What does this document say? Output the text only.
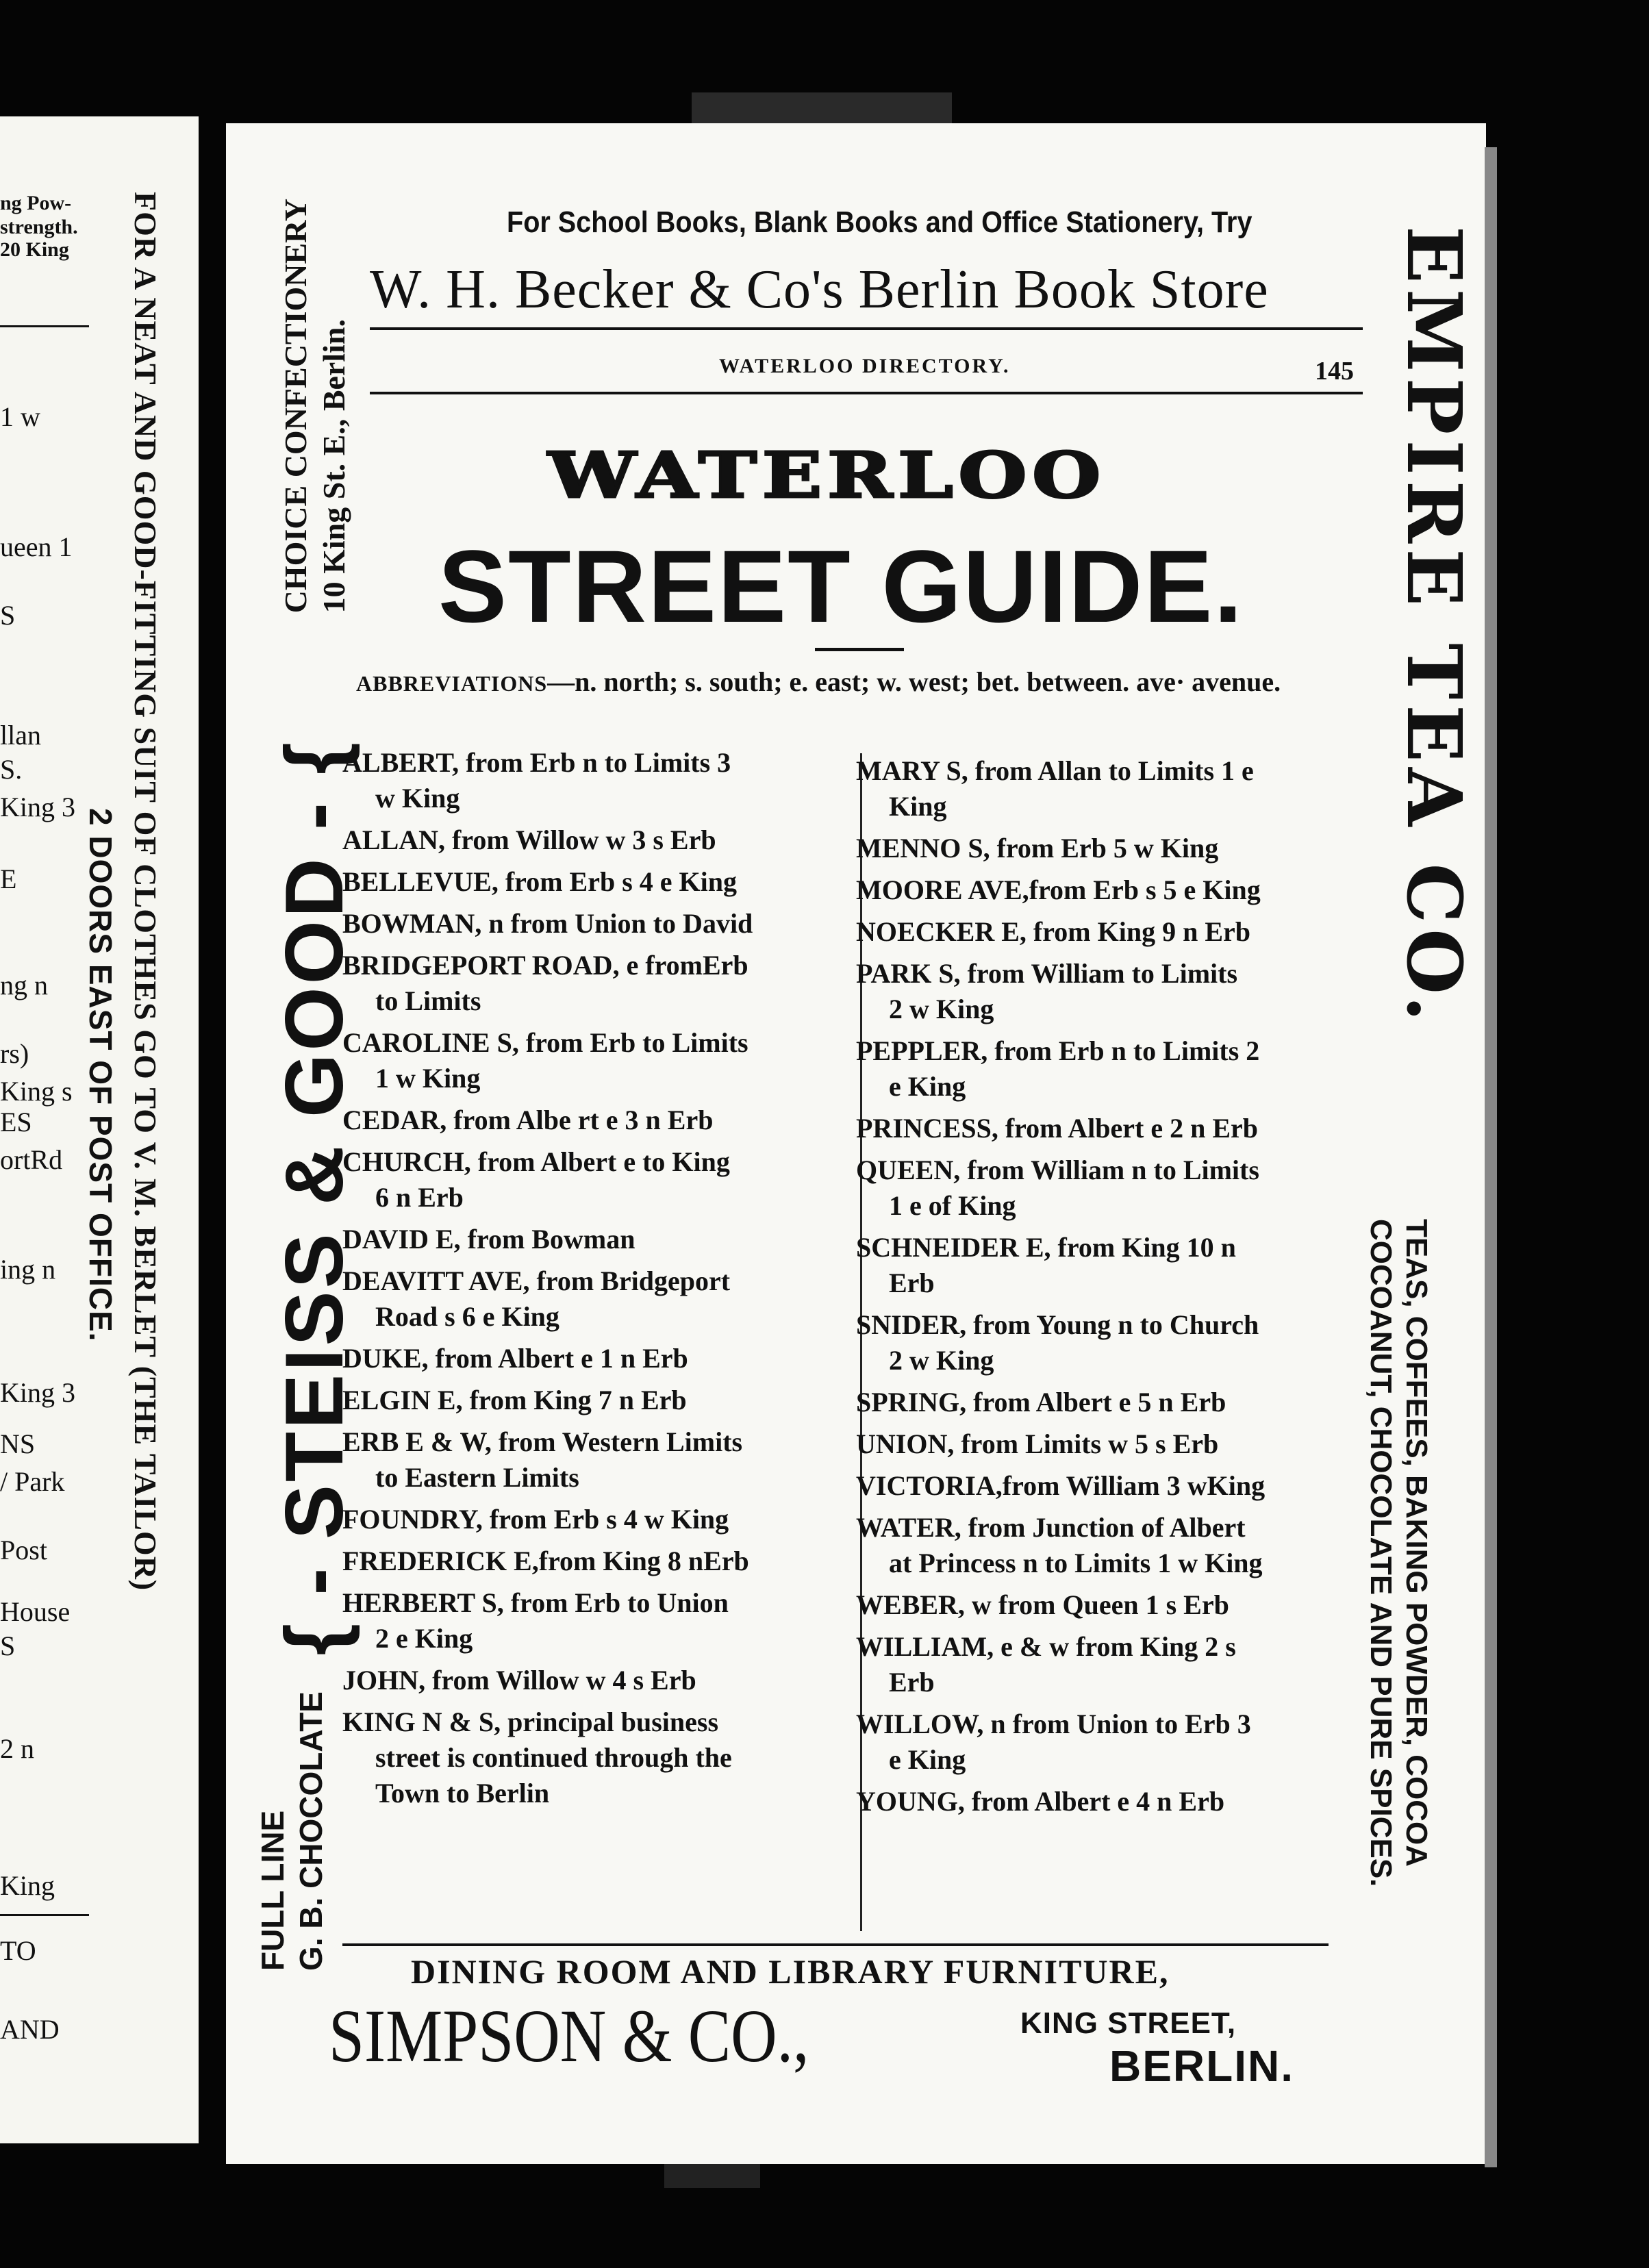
ng Pow-
strength.
20 King
1 w
ueen 1
S
llan
S.
King 3
E
ng n
rs)
King s
ES
ortRd
ing n
King 3
NS
/ Park
Post
House
S
2 n
King
TO
AND
FOR A NEAT AND GOOD-FITTING SUIT OF CLOTHES GO TO V. M. BERLET (THE TAILOR)
2 DOORS EAST OF POST OFFICE.
For School Books, Blank Books and Office Stationery, Try
W. H. Becker & Co's Berlin Book Store
WATERLOO DIRECTORY.	145
WATERLOO
STREET GUIDE.
ABBREVIATIONS—n. north; s. south; e. east; w. west; bet. between. ave· avenue.
ALBERT, from Erb n to Limits 3
w King
ALLAN, from Willow w 3 s Erb
BELLEVUE, from Erb s 4 e King
BOWMAN, n from Union to David
BRIDGEPORT ROAD, e fromErb
to Limits
CAROLINE S, from Erb to Limits
1 w King
CEDAR, from Albe rt e 3 n Erb
CHURCH, from Albert e to King
6 n Erb
DAVID E, from Bowman
DEAVITT AVE, from Bridgeport
Road s 6 e King
DUKE, from Albert e 1 n Erb
ELGIN E, from King 7 n Erb
ERB E & W, from Western Limits
to Eastern Limits
FOUNDRY, from Erb s 4 w King
FREDERICK E,from King 8 nErb
HERBERT S, from Erb to Union
2 e King
JOHN, from Willow w 4 s Erb
KING N & S, principal business
street is continued through the
Town to Berlin
MARY S, from Allan to Limits 1 e
King
MENNO S, from Erb 5 w King
MOORE AVE,from Erb s 5 e King
NOECKER E, from King 9 n Erb
PARK S, from William to Limits
2 w King
PEPPLER, from Erb n to Limits 2
e King
PRINCESS, from Albert e 2 n Erb
QUEEN, from William n to Limits
1 e of King
SCHNEIDER E, from King 10 n
Erb
SNIDER, from Young n to Church
2 w King
SPRING, from Albert e 5 n Erb
UNION, from Limits w 5 s Erb
VICTORIA,from William 3 wKing
WATER, from Junction of Albert
at Princess n to Limits 1 w King
WEBER, w from Queen 1 s Erb
WILLIAM, e & w from King 2 s
Erb
WILLOW, n from Union to Erb 3
e King
YOUNG, from Albert e 4 n Erb
CHOICE CONFECTIONERY 10 King St. E., Berlin.
{ - STEISS & GOOD - {
FULL LINE G. B. CHOCOLATE
EMPIRE TEA CO.
TEAS, COFFEES, BAKING POWDER, COCOA
COCOANUT, CHOCOLATE AND PURE SPICES.
DINING ROOM AND LIBRARY FURNITURE,
SIMPSON & CO.,	KING STREET,
BERLIN.
